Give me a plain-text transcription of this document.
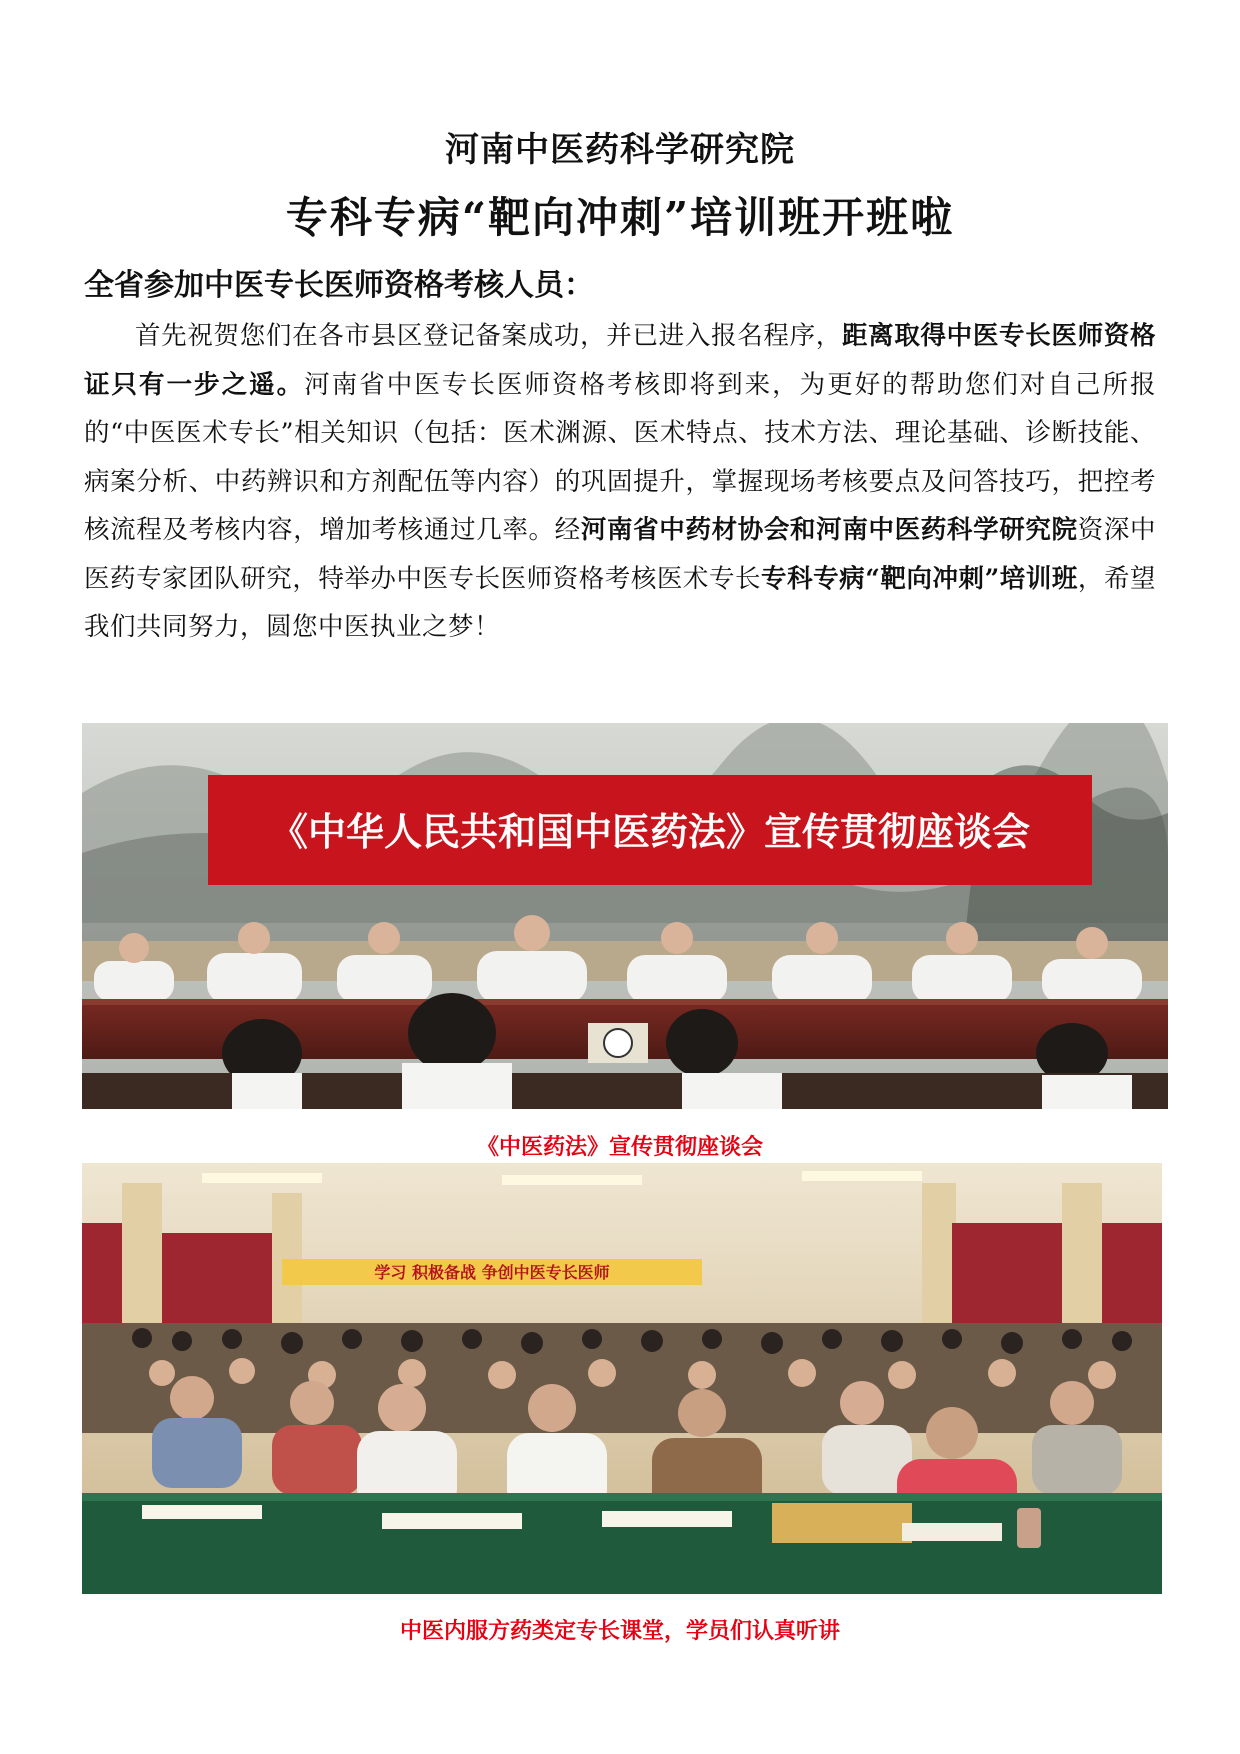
河南中医药科学研究院
专科专病“靶向冲刺”培训班开班啦
全省参加中医专长医师资格考核人员：
首先祝贺您们在各市县区登记备案成功，并已进入报名程序，距离取得中医专长医师资格证只有一步之遥。河南省中医专长医师资格考核即将到来，为更好的帮助您们对自己所报的“中医医术专长”相关知识（包括：医术渊源、医术特点、技术方法、理论基础、诊断技能、病案分析、中药辨识和方剂配伍等内容）的巩固提升，掌握现场考核要点及问答技巧，把控考核流程及考核内容，增加考核通过几率。经河南省中药材协会和河南中医药科学研究院资深中医药专家团队研究，特举办中医专长医师资格考核医术专长专科专病“靶向冲刺”培训班，希望我们共同努力，圆您中医执业之梦！
《中华人民共和国中医药法》宣传贯彻座谈会
《中医药法》宣传贯彻座谈会
学习 积极备战 争创中医专长医师
中医内服方药类定专长课堂，学员们认真听讲
